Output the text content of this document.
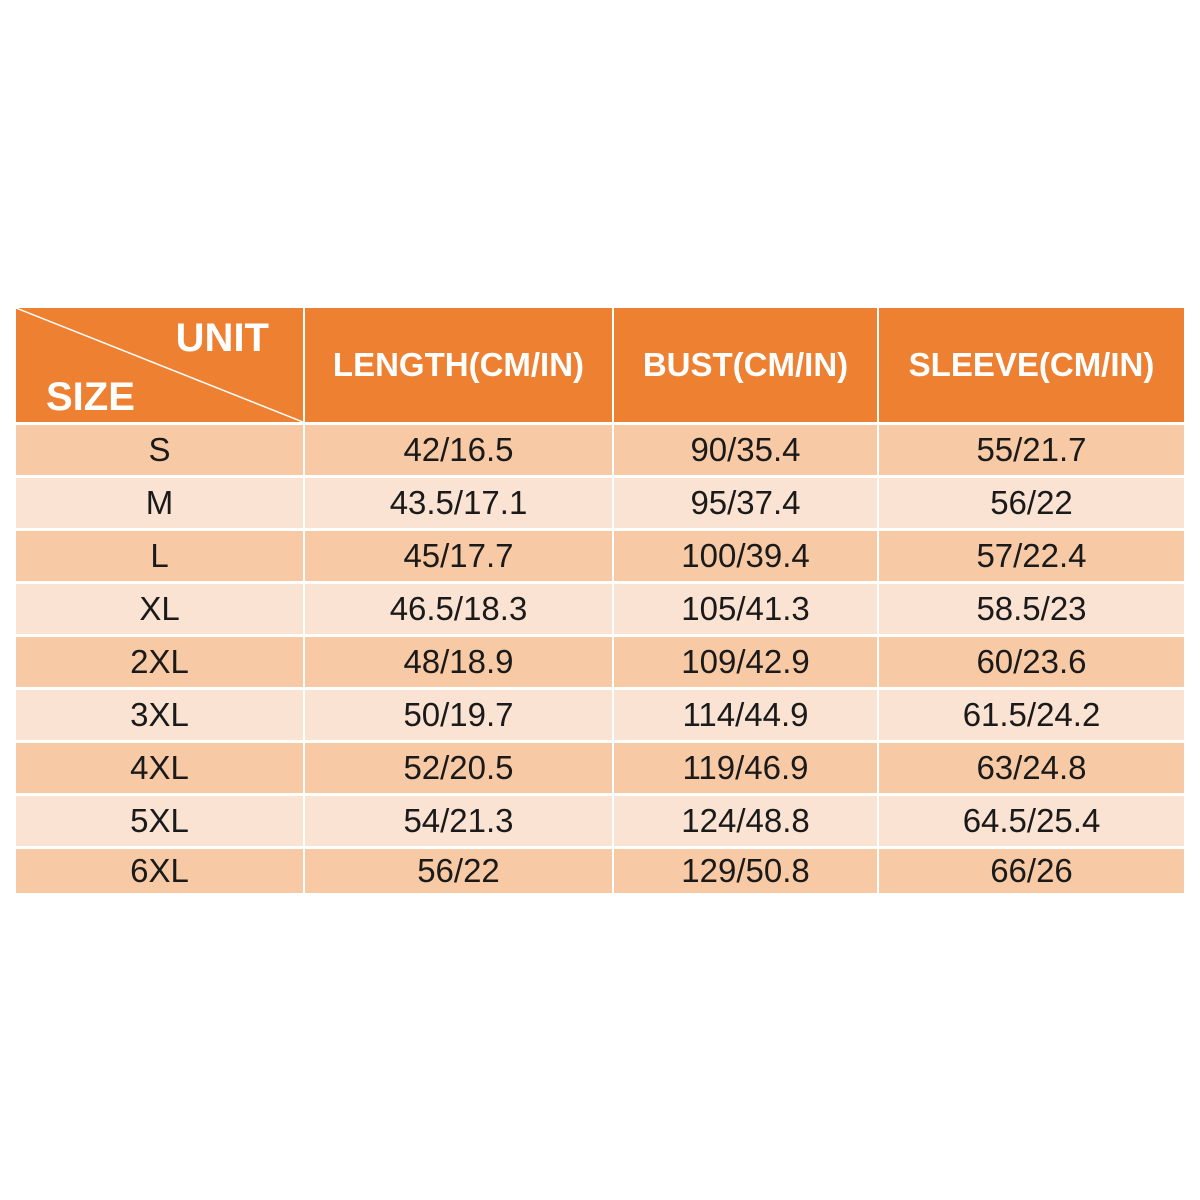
UNIT
SIZE	LENGTH(CM/IN)	BUST(CM/IN)	SLEEVE(CM/IN)
S	42/16.5	90/35.4	55/21.7
M	43.5/17.1	95/37.4	56/22
L	45/17.7	100/39.4	57/22.4
XL	46.5/18.3	105/41.3	58.5/23
2XL	48/18.9	109/42.9	60/23.6
3XL	50/19.7	114/44.9	61.5/24.2
4XL	52/20.5	119/46.9	63/24.8
5XL	54/21.3	124/48.8	64.5/25.4
6XL	56/22	129/50.8	66/26
